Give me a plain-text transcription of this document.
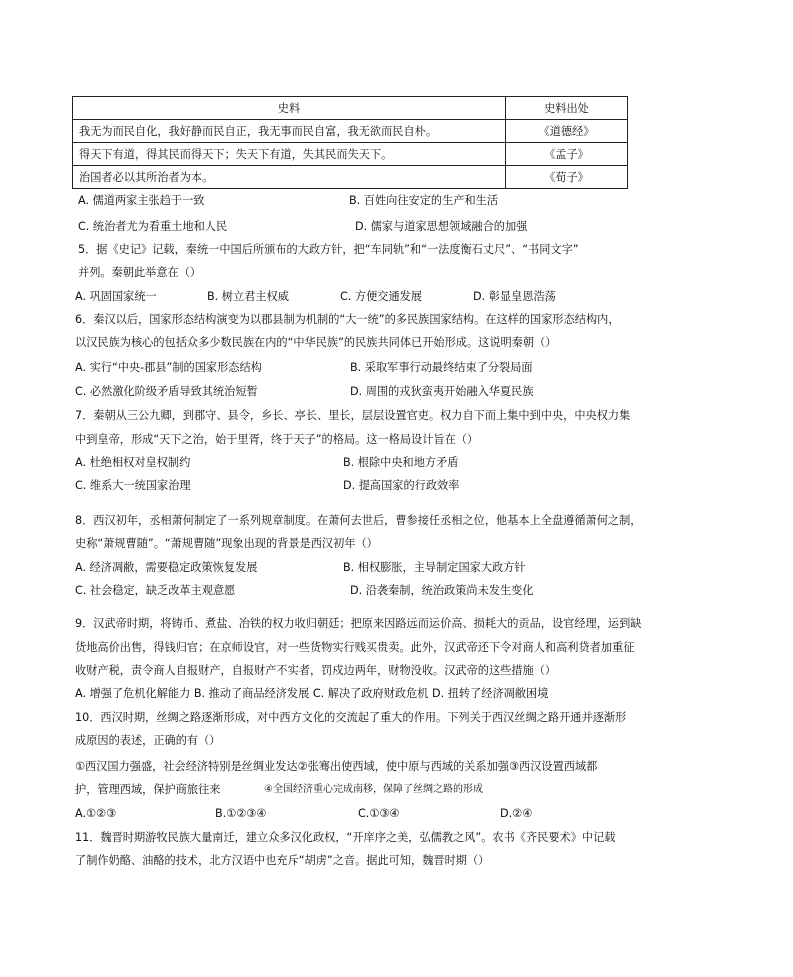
史料	史料出处
我无为而民自化，我好静而民自正，我无事而民自富，我无欲而民自朴。	《道德经》
得天下有道，得其民而得天下；失天下有道，失其民而失天下。	《孟子》
治国者必以其所治者为本。	《荀子》
A. 儒道两家主张趋于一致	B. 百姓向往安定的生产和生活
C. 统治者尤为看重土地和人民	D. 儒家与道家思想领域融合的加强
5．据《史记》记载，秦统一中国后所颁布的大政方针，把“车同轨”和“一法度衡石丈尺”、“书同文字”
并列。秦朝此举意在（）
A. 巩固国家统一	B. 树立君主权威	C. 方便交通发展	D. 彰显皇恩浩荡
6．秦汉以后，国家形态结构演变为以郡县制为机制的“大一统”的多民族国家结构。在这样的国家形态结构内，
以汉民族为核心的包括众多少数民族在内的“中华民族”的民族共同体已开始形成。这说明秦朝（）
A. 实行“中央-郡县”制的国家形态结构	B. 采取军事行动最终结束了分裂局面
C. 必然激化阶级矛盾导致其统治短暂	D. 周围的戎狄蛮夷开始融入华夏民族
7．秦朝从三公九卿，到郡守、县令，乡长、亭长、里长，层层设置官吏。权力自下而上集中到中央，中央权力集
中到皇帝，形成“天下之治，始于里胥，终于天子”的格局。这一格局设计旨在（）
A. 杜绝相权对皇权制约	B. 根除中央和地方矛盾
C. 维系大一统国家治理	D. 提高国家的行政效率
8．西汉初年，丞相萧何制定了一系列规章制度。在萧何去世后，曹参接任丞相之位，他基本上全盘遵循萧何之制，
史称“萧规曹随”。“萧规曹随”现象出现的背景是西汉初年（）
A. 经济凋敝，需要稳定政策恢复发展	B. 相权膨胀，主导制定国家大政方针
C. 社会稳定，缺乏改革主观意愿	D. 沿袭秦制，统治政策尚未发生变化
9．汉武帝时期，将铸币、煮盐、冶铁的权力收归朝廷；把原来因路远而运价高、损耗大的贡品，设官经理，运到缺
货地高价出售，得钱归官；在京师设官，对一些货物实行贱买贵卖。此外，汉武帝还下令对商人和高利贷者加重征
收财产税，责令商人自报财产，自报财产不实者，罚戍边两年，财物没收。汉武帝的这些措施（）
A. 增强了危机化解能力 B. 推动了商品经济发展 C. 解决了政府财政危机 D. 扭转了经济凋敝困境
10．西汉时期，丝绸之路逐渐形成，对中西方文化的交流起了重大的作用。下列关于西汉丝绸之路开通并逐渐形
成原因的表述，正确的有（）
①西汉国力强盛，社会经济特别是丝绸业发达②张骞出使西域，使中原与西域的关系加强③西汉设置西域都
护，管理西域，保护商旅往来	④全国经济重心完成南移，保障了丝绸之路的形成
A.①②③	B.①②③④	C.①③④	D.②④
11．魏晋时期游牧民族大量南迁，建立众多汉化政权，“开庠序之美，弘儒教之风”。农书《齐民要术》中记载
了制作奶酪、油酪的技术，北方汉语中也充斥“胡虏”之音。据此可知，魏晋时期（）
